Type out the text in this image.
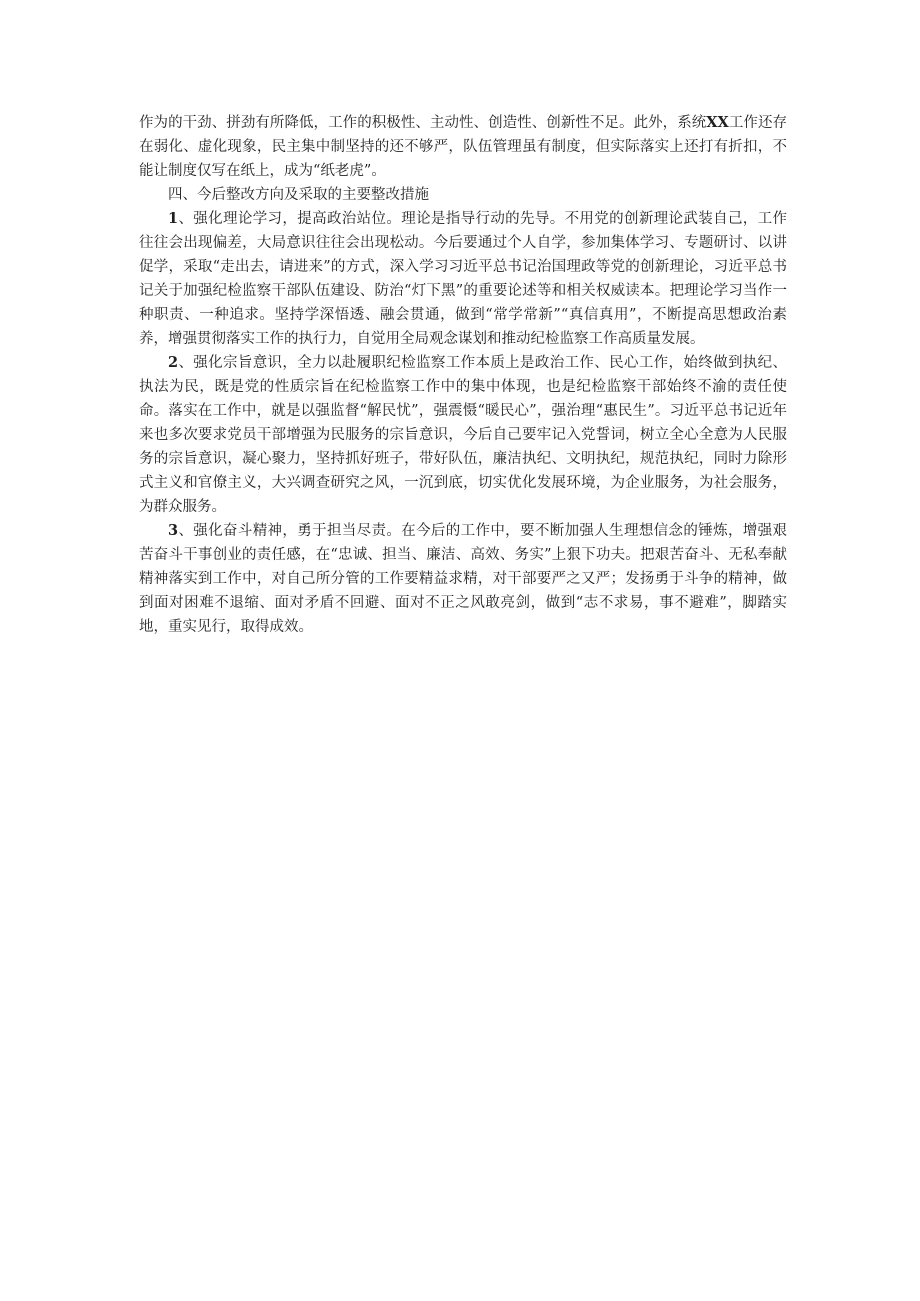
作为的干劲、拼劲有所降低，工作的积极性、主动性、创造性、创新性不足。此外，系统XX工作还存在弱化、虚化现象，民主集中制坚持的还不够严，队伍管理虽有制度，但实际落实上还打有折扣，不能让制度仅写在纸上，成为“纸老虎”。

四、今后整改方向及采取的主要整改措施

1、强化理论学习，提高政治站位。理论是指导行动的先导。不用党的创新理论武装自己，工作往往会出现偏差，大局意识往往会出现松动。今后要通过个人自学，参加集体学习、专题研讨、以讲促学，采取“走出去，请进来”的方式，深入学习习近平总书记治国理政等党的创新理论，习近平总书记关于加强纪检监察干部队伍建设、防治“灯下黑”的重要论述等和相关权威读本。把理论学习当作一种职责、一种追求。坚持学深悟透、融会贯通，做到“常学常新”“真信真用”，不断提高思想政治素养，增强贯彻落实工作的执行力，自觉用全局观念谋划和推动纪检监察工作高质量发展。

2、强化宗旨意识，全力以赴履职纪检监察工作本质上是政治工作、民心工作，始终做到执纪、执法为民，既是党的性质宗旨在纪检监察工作中的集中体现，也是纪检监察干部始终不渝的责任使命。落实在工作中，就是以强监督“解民忧”，强震慑“暖民心”，强治理“惠民生”。习近平总书记近年来也多次要求党员干部增强为民服务的宗旨意识，今后自己要牢记入党誓词，树立全心全意为人民服务的宗旨意识，凝心聚力，坚持抓好班子，带好队伍，廉洁执纪、文明执纪，规范执纪，同时力除形式主义和官僚主义，大兴调查研究之风，一沉到底，切实优化发展环境，为企业服务，为社会服务，为群众服务。

3、强化奋斗精神，勇于担当尽责。在今后的工作中，要不断加强人生理想信念的锤炼，增强艰苦奋斗干事创业的责任感，在“忠诚、担当、廉洁、高效、务实”上狠下功夫。把艰苦奋斗、无私奉献精神落实到工作中，对自己所分管的工作要精益求精，对干部要严之又严；发扬勇于斗争的精神，做到面对困难不退缩、面对矛盾不回避、面对不正之风敢亮剑，做到“志不求易，事不避难”，脚踏实地，重实见行，取得成效。
